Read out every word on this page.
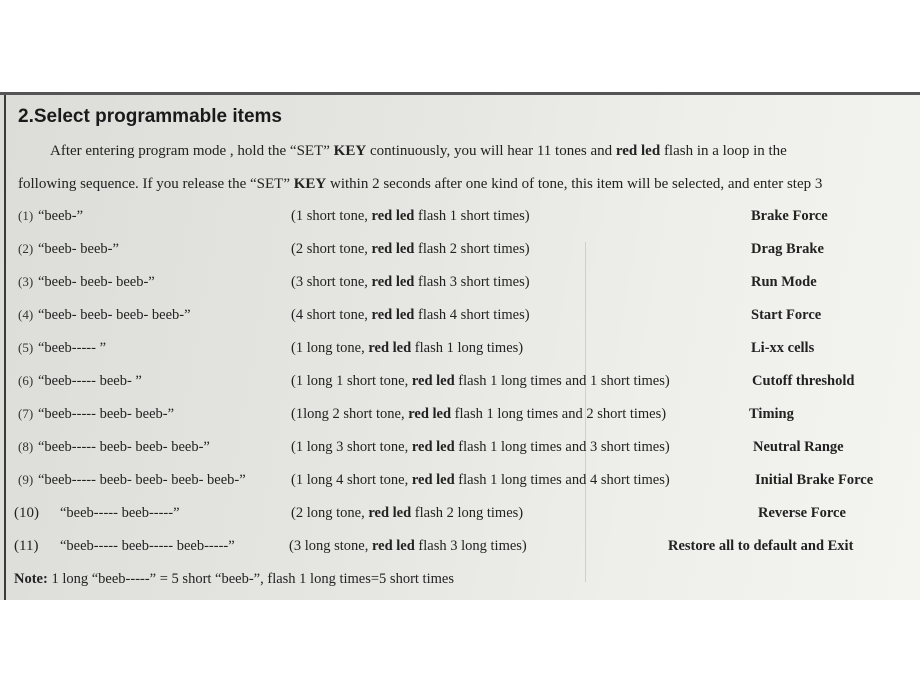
2.Select programmable items
After entering program mode , hold the “SET” KEY continuously, you will hear 11 tones and red led flash in a loop in the
following sequence. If you release the “SET” KEY within 2 seconds after one kind of tone, this item will be selected, and enter step 3
(1) “beeb-”	(1 short tone, red led flash 1 short times)	Brake Force
(2) “beeb- beeb-”	(2 short tone, red led flash 2 short times)	Drag Brake
(3) “beeb- beeb- beeb-”	(3 short tone, red led flash 3 short times)	Run Mode
(4) “beeb- beeb- beeb- beeb-”	(4 short tone, red led flash 4 short times)	Start Force
(5) “beeb----- ”	(1 long tone, red led flash 1 long times)	Li-xx cells
(6) “beeb----- beeb- ”	(1 long 1 short tone, red led flash 1 long times and 1 short times)	Cutoff threshold
(7) “beeb----- beeb- beeb-”	(1long 2 short tone, red led flash 1 long times and 2 short times)	Timing
(8) “beeb----- beeb- beeb- beeb-”	(1 long 3 short tone, red led flash 1 long times and 3 short times)	Neutral Range
(9) “beeb----- beeb- beeb- beeb- beeb-”	(1 long 4 short tone, red led flash 1 long times and 4 short times)	Initial Brake Force
(10) “beeb----- beeb-----”	(2 long tone, red led flash 2 long times)	Reverse Force
(11) “beeb----- beeb----- beeb-----”	(3 long stone, red led flash 3 long times)	Restore all to default and Exit
Note: 1 long “beeb-----” = 5 short “beeb-”, flash 1 long times=5 short times
